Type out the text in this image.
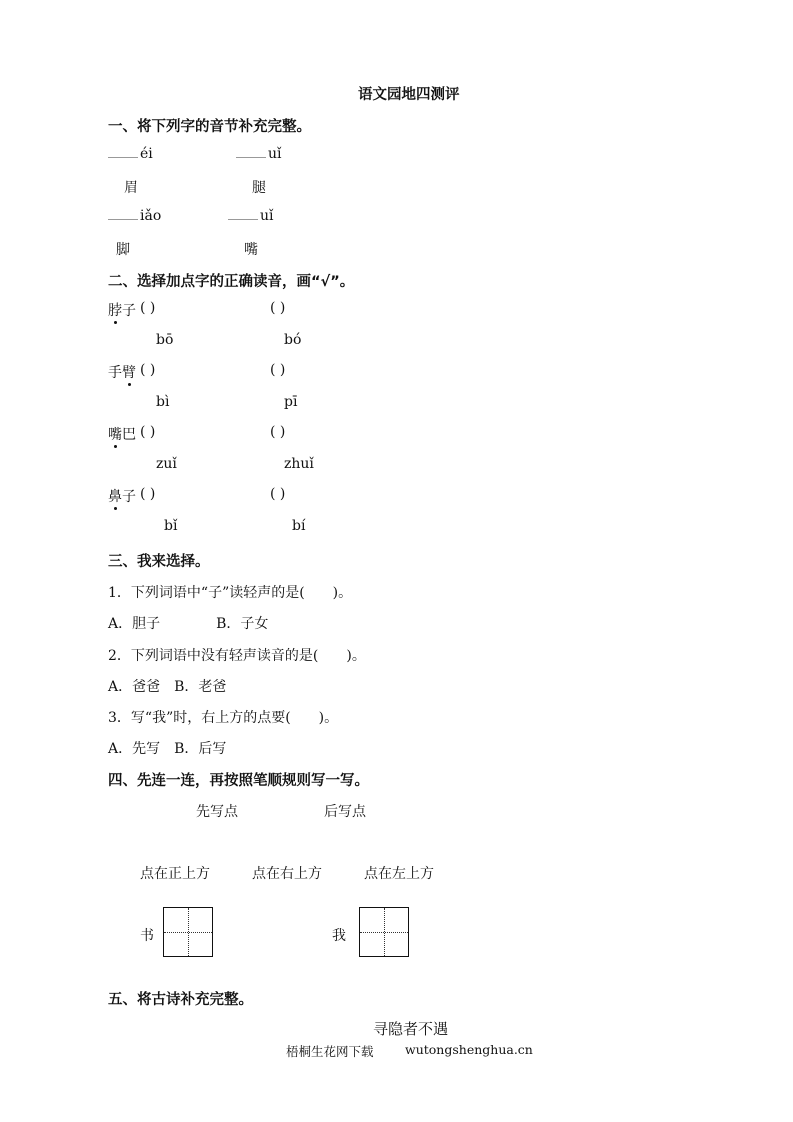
语文园地四测评
一、将下列字的音节补充完整。
éi	uǐ
眉	腿
iǎo	uǐ
脚	嘴
二、选择加点字的正确读音，画“√”。
脖子 ( )	( )
bō	bó
手臂 ( )	( )
bì	pī
嘴巴 ( )	( )
zuǐ	zhuǐ
鼻子 ( )	( )
bǐ	bí
三、我来选择。
1．下列词语中“子”读轻声的是(　　)。
A．胆子　　　　B．子女
2．下列词语中没有轻声读音的是(　　)。
A．爸爸　B．老爸
3．写“我”时，右上方的点要(　　)。
A．先写　B．后写
四、先连一连，再按照笔顺规则写一写。
先写点	后写点
点在正上方	点在右上方	点在左上方
书	我
五、将古诗补充完整。
寻隐者不遇
梧桐生花网下载	wutongshenghua.cn
